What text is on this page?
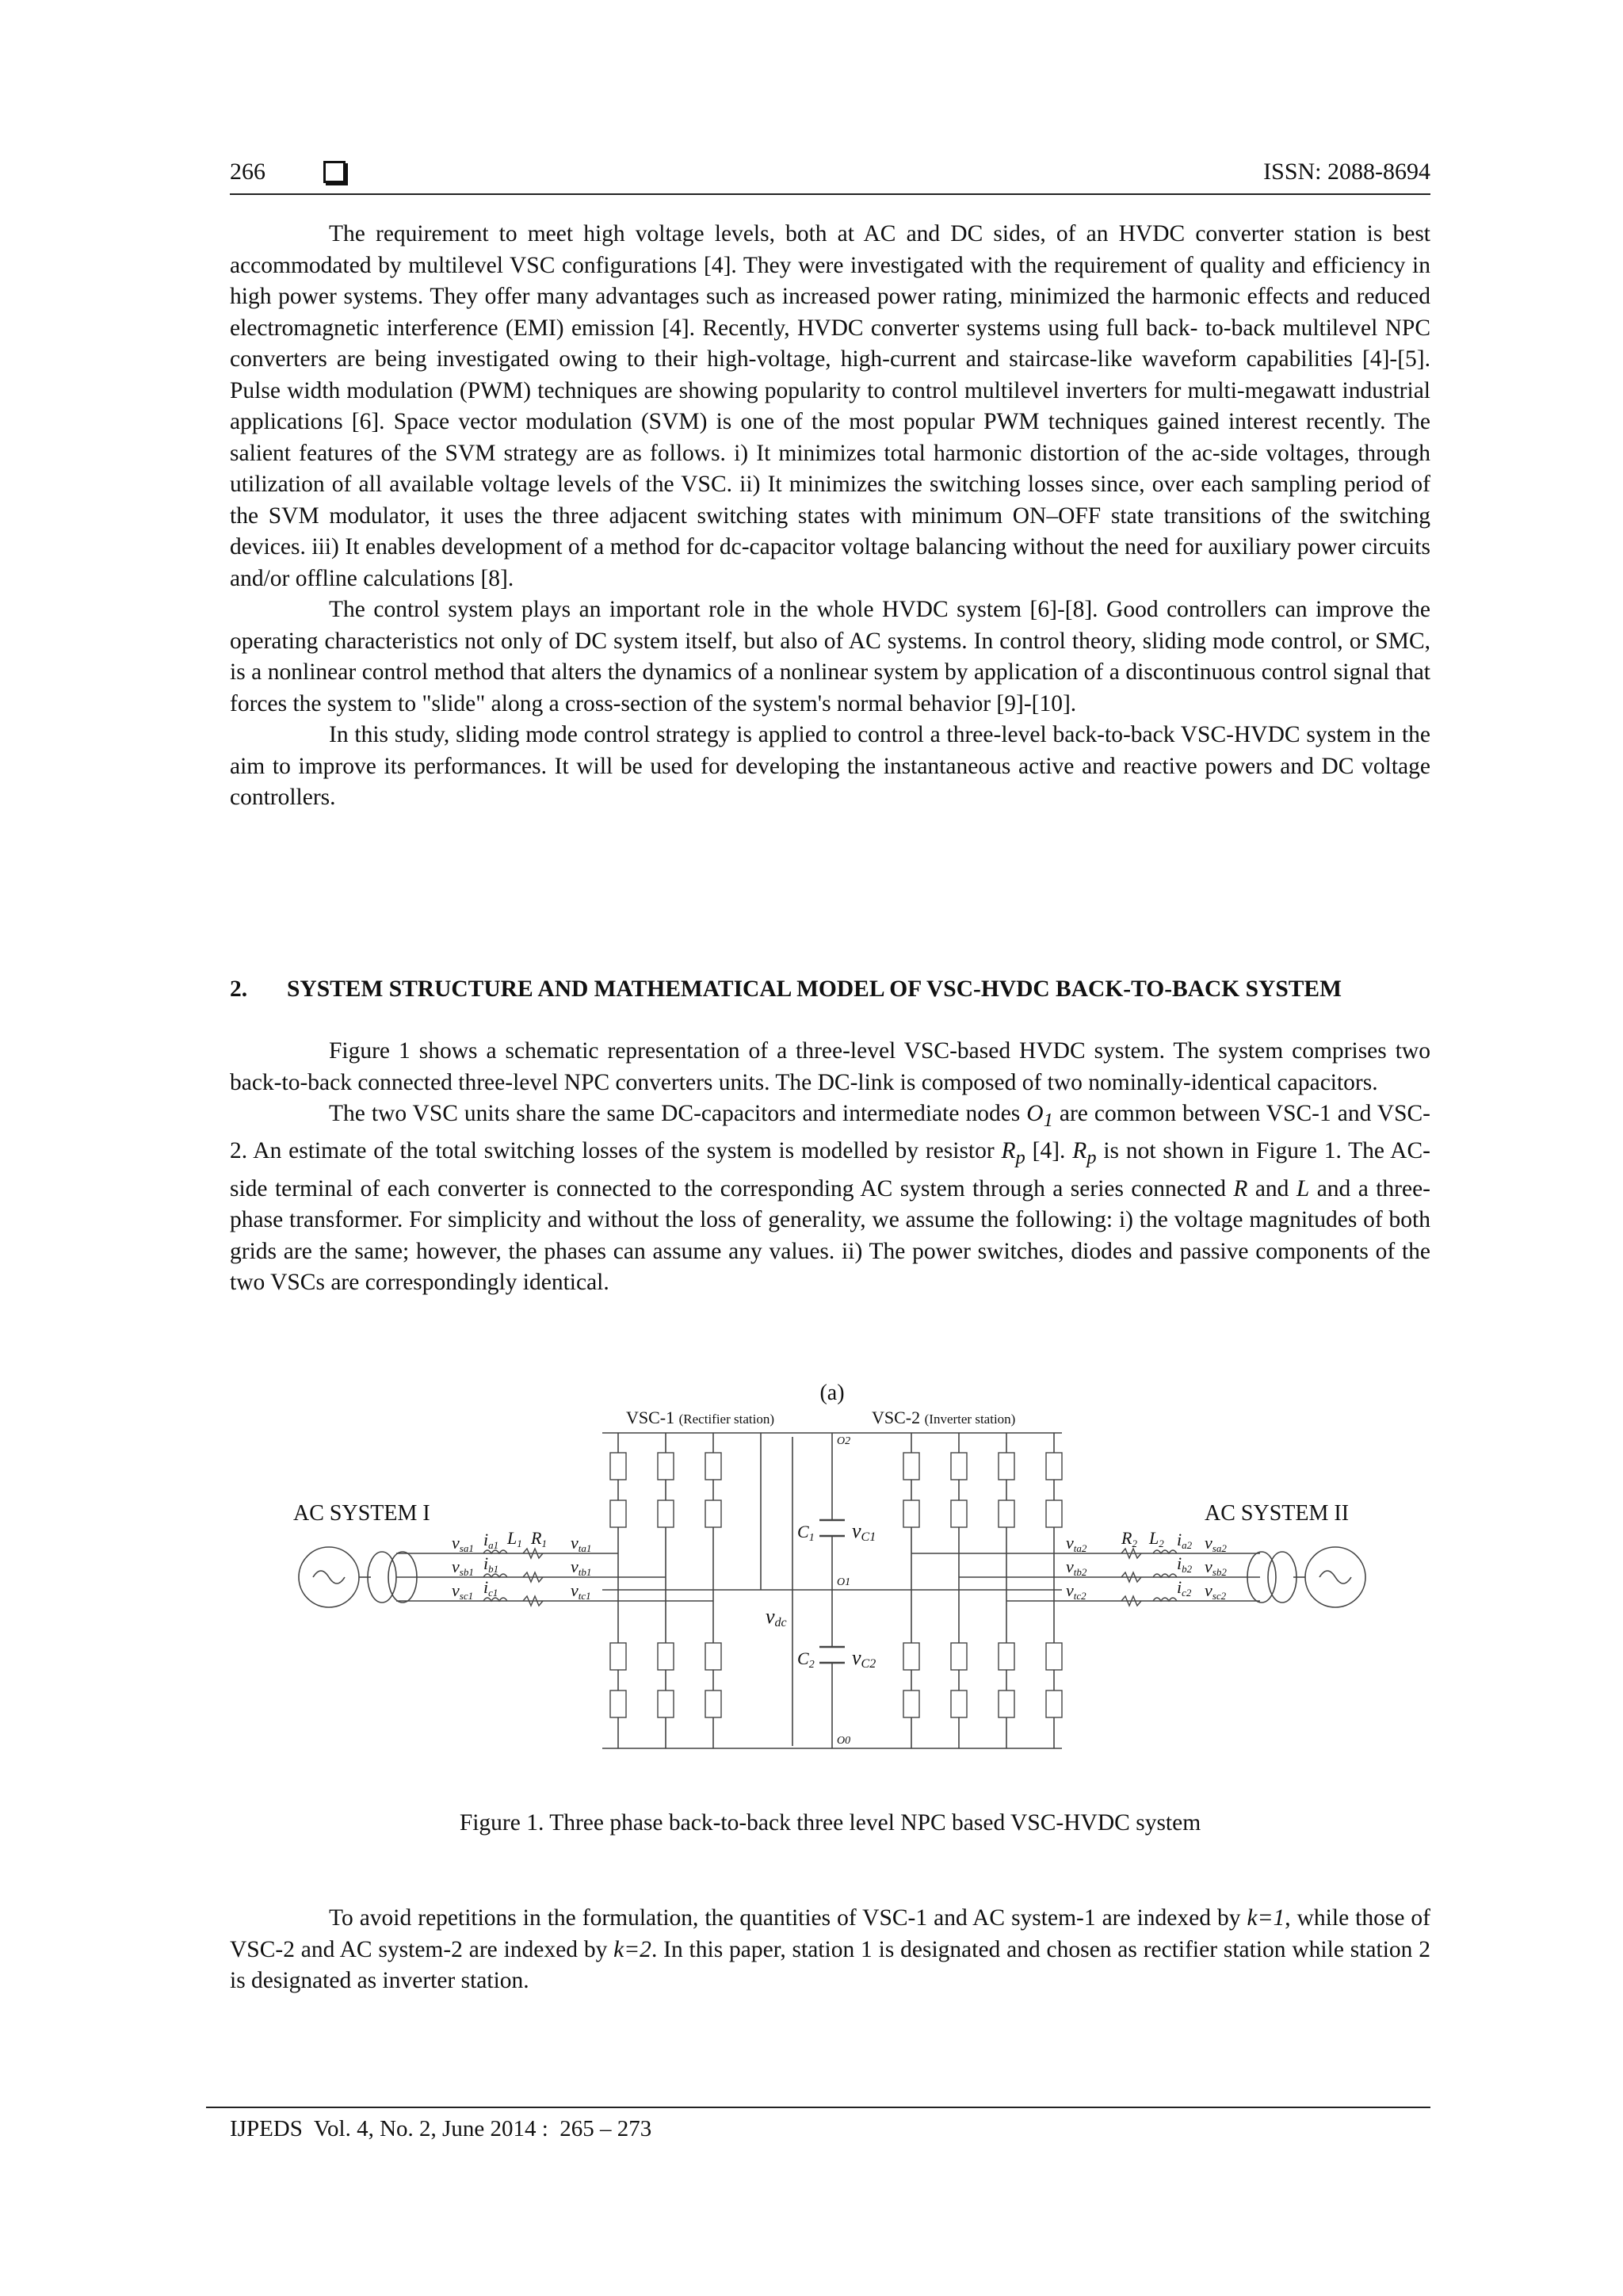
266	ISSN: 2088-8694

The requirement to meet high voltage levels, both at AC and DC sides, of an HVDC converter station is best accommodated by multilevel VSC configurations [4]. They were investigated with the requirement of quality and efficiency in high power systems. They offer many advantages such as increased power rating, minimized the harmonic effects and reduced electromagnetic interference (EMI) emission [4]. Recently, HVDC converter systems using full back- to-back multilevel NPC converters are being investigated owing to their high-voltage, high-current and staircase-like waveform capabilities [4]-[5]. Pulse width modulation (PWM) techniques are showing popularity to control multilevel inverters for multi-megawatt industrial applications [6]. Space vector modulation (SVM) is one of the most popular PWM techniques gained interest recently. The salient features of the SVM strategy are as follows. i) It minimizes total harmonic distortion of the ac-side voltages, through utilization of all available voltage levels of the VSC. ii) It minimizes the switching losses since, over each sampling period of the SVM modulator, it uses the three adjacent switching states with minimum ON–OFF state transitions of the switching devices. iii) It enables development of a method for dc-capacitor voltage balancing without the need for auxiliary power circuits and/or offline calculations [8].

The control system plays an important role in the whole HVDC system [6]-[8]. Good controllers can improve the operating characteristics not only of DC system itself, but also of AC systems. In control theory, sliding mode control, or SMC, is a nonlinear control method that alters the dynamics of a nonlinear system by application of a discontinuous control signal that forces the system to "slide" along a cross-section of the system's normal behavior [9]-[10].

In this study, sliding mode control strategy is applied to control a three-level back-to-back VSC-HVDC system in the aim to improve its performances. It will be used for developing the instantaneous active and reactive powers and DC voltage controllers.

2. SYSTEM STRUCTURE AND MATHEMATICAL MODEL OF VSC-HVDC BACK-TO-BACK SYSTEM

Figure 1 shows a schematic representation of a three-level VSC-based HVDC system. The system comprises two back-to-back connected three-level NPC converters units. The DC-link is composed of two nominally-identical capacitors.

The two VSC units share the same DC-capacitors and intermediate nodes $O_1$ are common between VSC-1 and VSC-2. An estimate of the total switching losses of the system is modelled by resistor $R_p$ [4]. $R_p$ is not shown in Figure 1. The AC-side terminal of each converter is connected to the corresponding AC system through a series connected R and L and a three-phase transformer. For simplicity and without the loss of generality, we assume the following: i) the voltage magnitudes of both grids are the same; however, the phases can assume any values. ii) The power switches, diodes and passive components of the two VSCs are correspondingly identical.

(a)
VSC-1 (Rectifier station)	VSC-2 (Inverter station)
AC SYSTEM I	AC SYSTEM II
O2
O1
O0
C1 vC1
C2 vC2
vdc
vsa1
vsb1
vsc1
ia1
ib1
ic1
L1 R1 vta1
vtb1
vtc1
vta2
vtb2
vtc2
R2 L2 ia2
ib2
ic2
vsa2
vsb2
vsc2
Figure 1. Three phase back-to-back three level NPC based VSC-HVDC system

To avoid repetitions in the formulation, the quantities of VSC-1 and AC system-1 are indexed by k=1, while those of VSC-2 and AC system-2 are indexed by k=2. In this paper, station 1 is designated and chosen as rectifier station while station 2 is designated as inverter station.

IJPEDS  Vol. 4, No. 2, June 2014 :  265 – 273
